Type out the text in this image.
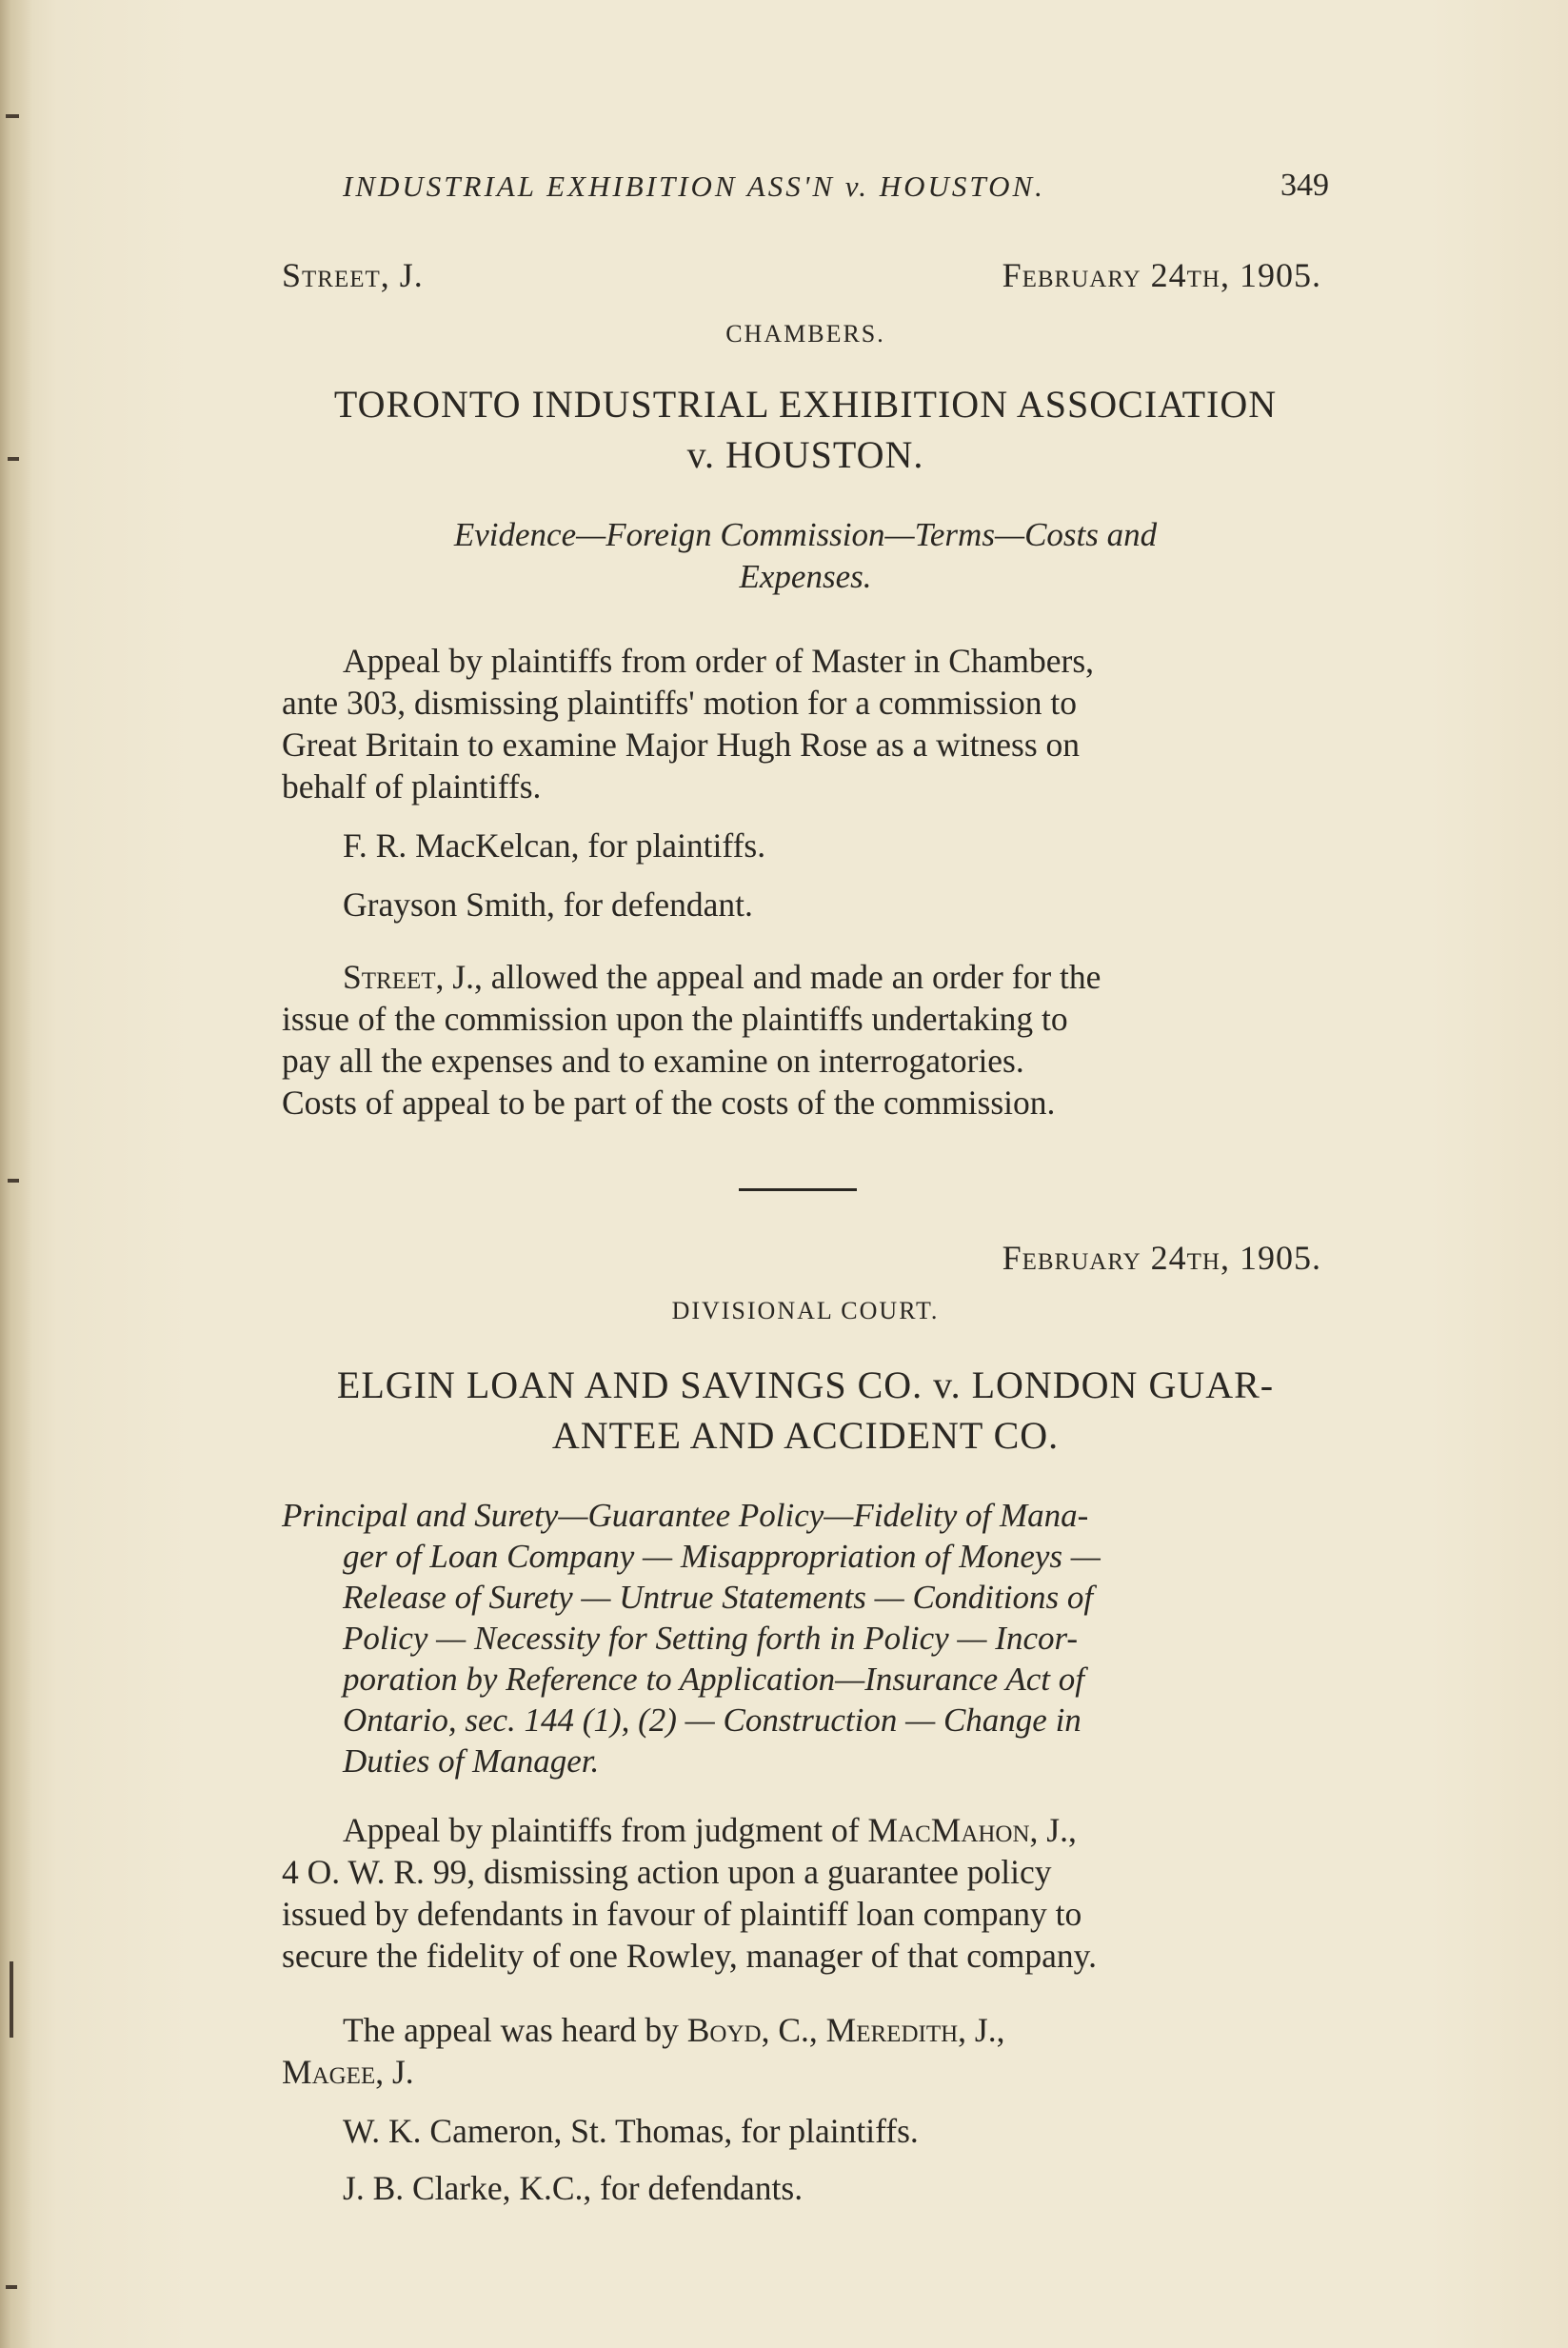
INDUSTRIAL EXHIBITION ASS'N v. HOUSTON.	349
Street, J.	February 24th, 1905.
CHAMBERS.
TORONTO INDUSTRIAL EXHIBITION ASSOCIATION
v. HOUSTON.
Evidence—Foreign Commission—Terms—Costs and
Expenses.
Appeal by plaintiffs from order of Master in Chambers,
ante 303, dismissing plaintiffs' motion for a commission to
Great Britain to examine Major Hugh Rose as a witness on
behalf of plaintiffs.
F. R. MacKelcan, for plaintiffs.
Grayson Smith, for defendant.
Street, J., allowed the appeal and made an order for the
issue of the commission upon the plaintiffs undertaking to
pay all the expenses and to examine on interrogatories.
Costs of appeal to be part of the costs of the commission.
February 24th, 1905.
DIVISIONAL COURT.
ELGIN LOAN AND SAVINGS CO. v. LONDON GUAR-
ANTEE AND ACCIDENT CO.
Principal and Surety—Guarantee Policy—Fidelity of Mana-
ger of Loan Company — Misappropriation of Moneys —
Release of Surety — Untrue Statements — Conditions of
Policy — Necessity for Setting forth in Policy — Incor-
poration by Reference to Application—Insurance Act of
Ontario, sec. 144 (1), (2) — Construction — Change in
Duties of Manager.
Appeal by plaintiffs from judgment of MacMahon, J.,
4 O. W. R. 99, dismissing action upon a guarantee policy
issued by defendants in favour of plaintiff loan company to
secure the fidelity of one Rowley, manager of that company.
The appeal was heard by Boyd, C., Meredith, J.,
Magee, J.
W. K. Cameron, St. Thomas, for plaintiffs.
J. B. Clarke, K.C., for defendants.
